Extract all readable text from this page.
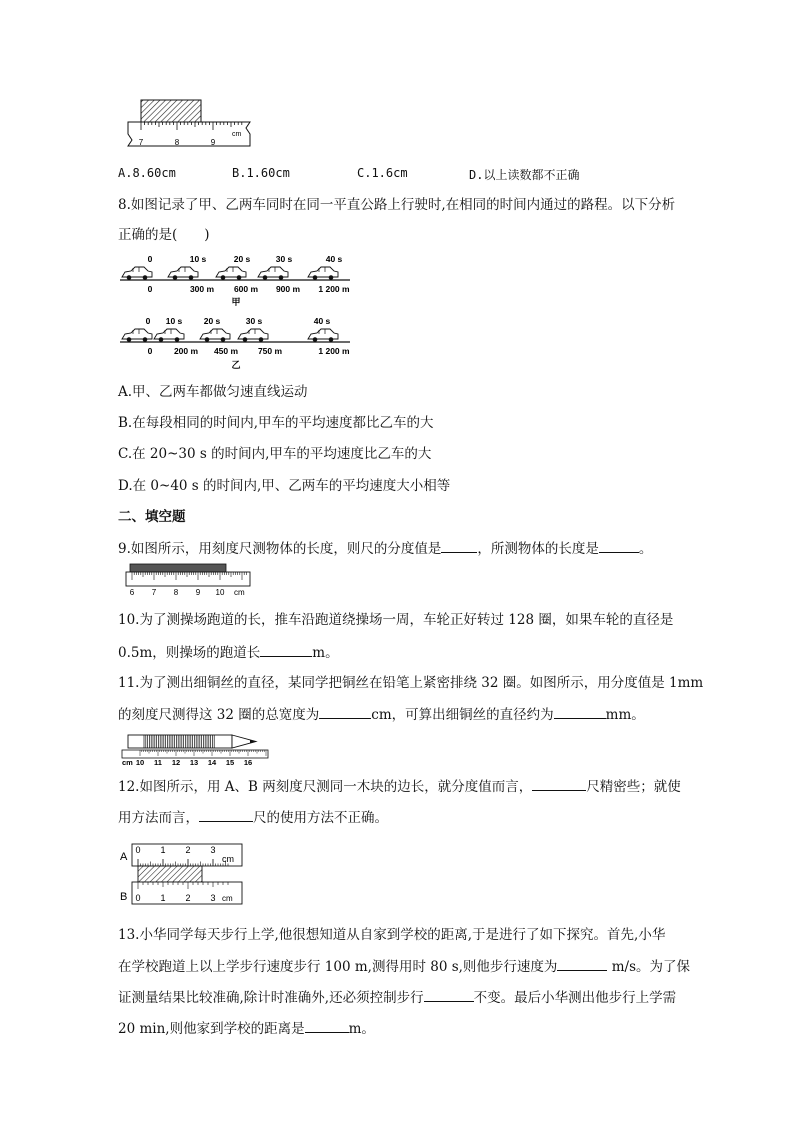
7	8	9
cm
A.8.60cm	B.1.60cm	C.1.6cm	D.以上读数都不正确
8.如图记录了甲、乙两车同时在同一平直公路上行驶时,在相同的时间内通过的路程。以下分析
正确的是(　　)
0	10 s	20 s	30 s	40 s
0	300 m 600 m 900 m 1 200 m
甲
0 10 s	20 s	30 s	40 s
0	200 m 450 m 750 m	1 200 m
乙
A.甲、乙两车都做匀速直线运动
B.在每段相同的时间内,甲车的平均速度都比乙车的大
C.在 20~30 s 的时间内,甲车的平均速度比乙车的大
D.在 0~40 s 的时间内,甲、乙两车的平均速度大小相等
二、填空题
9.如图所示，用刻度尺测物体的长度，则尺的分度值是	，所测物体的长度是	。
6 7 8 9 10 cm
10.为了测操场跑道的长，推车沿跑道绕操场一周，车轮正好转过 128 圈，如果车轮的直径是
0.5m，则操场的跑道长	m。
11.为了测出细铜丝的直径，某同学把铜丝在铅笔上紧密排绕 32 圈。如图所示，用分度值是 1mm
的刻度尺测得这 32 圈的总宽度为	cm，可算出细铜丝的直径约为	mm。
cm 10 11 12 13 14 15 16
12.如图所示，用 A、B 两刻度尺测同一木块的边长，就分度值而言，	尺精密些；就使
用方法而言，	尺的使用方法不正确。
A
B
0 1 2 3
cm
0 1 2 3 cm
13.小华同学每天步行上学,他很想知道从自家到学校的距离,于是进行了如下探究。首先,小华
在学校跑道上以上学步行速度步行 100 m,测得用时 80 s,则他步行速度为	m/s。为了保
证测量结果比较准确,除计时准确外,还必须控制步行	不变。最后小华测出他步行上学需
20 min,则他家到学校的距离是	m。
